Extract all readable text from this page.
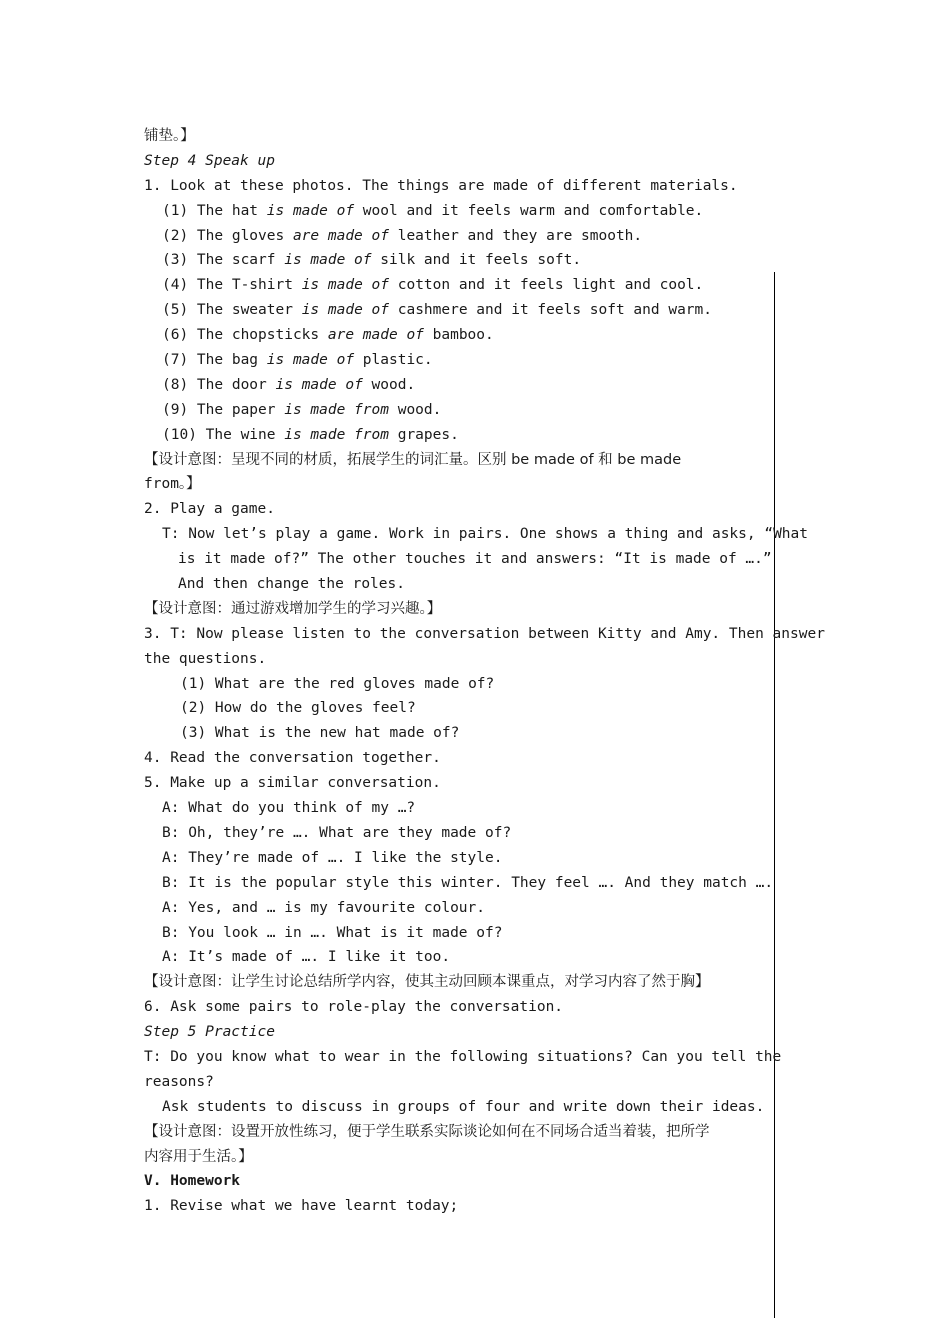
铺垫。】
Step 4 Speak up
1. Look at these photos. The things are made of different materials.
(1) The hat is made of wool and it feels warm and comfortable.
(2) The gloves are made of leather and they are smooth.
(3) The scarf is made of silk and it feels soft.
(4) The T-shirt is made of cotton and it feels light and cool.
(5) The sweater is made of cashmere and it feels soft and warm.
(6) The chopsticks are made of bamboo.
(7) The bag is made of plastic.
(8) The door is made of wood.
(9) The paper is made from wood.
(10) The wine is made from grapes.
【设计意图：呈现不同的材质，拓展学生的词汇量。区别 be made of 和 be made
from。】
2. Play a game.
T: Now let’s play a game. Work in pairs. One shows a thing and asks, “What
is it made of?” The other touches it and answers: “It is made of ….”
And then change the roles.
【设计意图：通过游戏增加学生的学习兴趣。】
3. T: Now please listen to the conversation between Kitty and Amy. Then answer
the questions.
(1) What are the red gloves made of?
(2) How do the gloves feel?
(3) What is the new hat made of?
4. Read the conversation together.
5. Make up a similar conversation.
A: What do you think of my …?
B: Oh, they’re …. What are they made of?
A: They’re made of …. I like the style.
B: It is the popular style this winter. They feel …. And they match ….
A: Yes, and … is my favourite colour.
B: You look … in …. What is it made of?
A: It’s made of …. I like it too.
【设计意图：让学生讨论总结所学内容，使其主动回顾本课重点，对学习内容了然于胸】
6. Ask some pairs to role-play the conversation.
Step 5 Practice
T: Do you know what to wear in the following situations? Can you tell the
reasons?
Ask students to discuss in groups of four and write down their ideas.
【设计意图：设置开放性练习，便于学生联系实际谈论如何在不同场合适当着装，把所学
内容用于生活。】
V. Homework
1. Revise what we have learnt today;
